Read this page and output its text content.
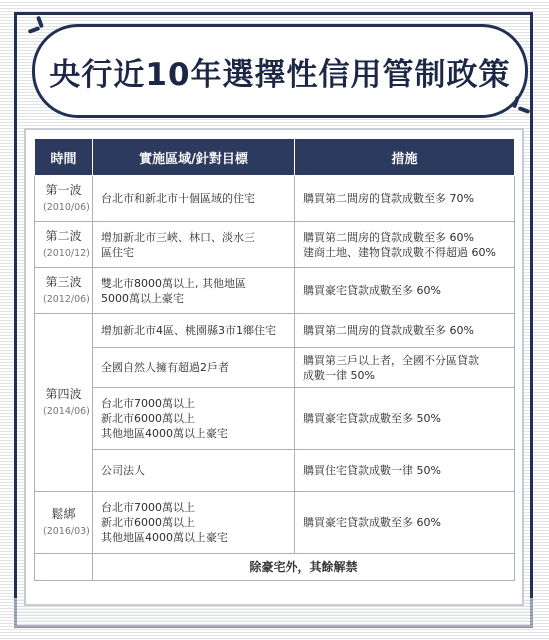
央行近10年選擇性信用管制政策
時間	實施區域/針對目標	措施

第一波
(2010/06)	台北市和新北市十個區域的住宅	購買第二間房的貸款成數至多 70%

第二波
(2010/12)	增加新北市三峽、林口、淡水三
區住宅	購買第二間房的貸款成數至多 60%
建商土地、建物貸款成數不得超過 60%

第三波
(2012/06)	雙北市8000萬以上, 其他地區
5000萬以上豪宅	購買豪宅貸款成數至多 60%

第四波
(2014/06)	增加新北市4區、桃園縣3市1鄉住宅	購買第二間房的貸款成數至多 60%

	全國自然人擁有超過2戶者	購買第三戶以上者，全國不分區貸款
成數一律 50%

	台北市7000萬以上
新北市6000萬以上
其他地區4000萬以上豪宅	購買豪宅貸款成數至多 50%

	公司法人	購買住宅貸款成數一律 50%

鬆綁
(2016/03)	台北市7000萬以上
新北市6000萬以上
其他地區4000萬以上豪宅	購買豪宅貸款成數至多 60%

	除豪宅外，其餘解禁	
